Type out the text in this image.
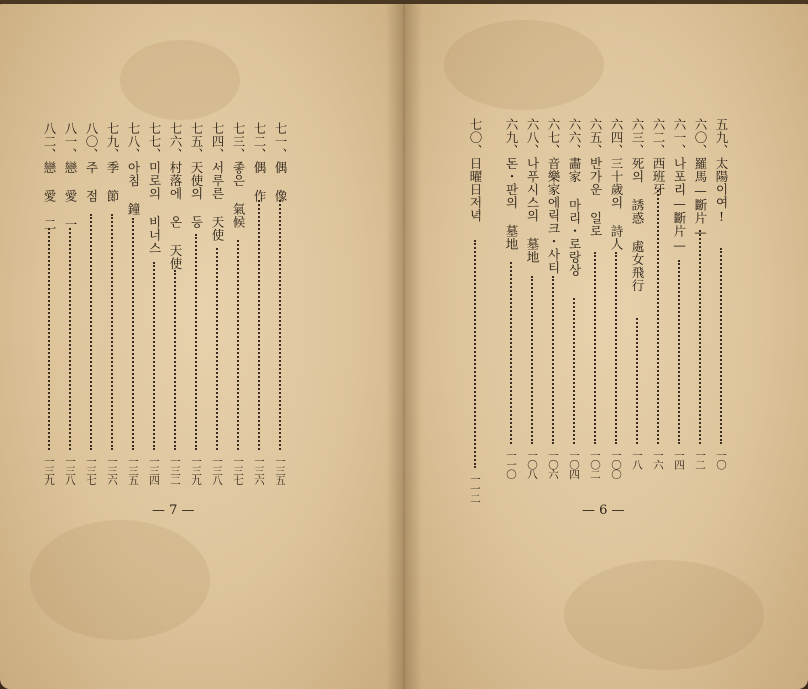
七一、偶 像
一三五
七二、偶 作
一三六
七三、좋은 氣候
一三七
七四、서루른 天使
一三八
七五、天使의 등
一三九
七六、村落에 온 天使
一三二
七七、미로의 비너스
一三四
七八、아침 鐘
一三五
七九、季 節
一三六
八〇、주 점
一三七
八一、戀 愛 一
一三八
八二、戀 愛 二
一三九
— 7 —
五九、太陽이여!
一〇
六〇、羅馬—斷片—
一二
六一、나포리—斷片—
一四
六二、西班牙
一六
六三、死의 誘惑 處女飛行
一八
六四、三十歲의 詩人
一〇〇
六五、반가운 일로
一〇二
六六、畵家 마리・로랑상
一〇四
六七、音樂家에릭크・사티
一〇六
六八、나푸시스의 墓地
一〇八
六九、돈・판의 墓地
一一〇
七〇、日曜日저녁
一一二
— 6 —
